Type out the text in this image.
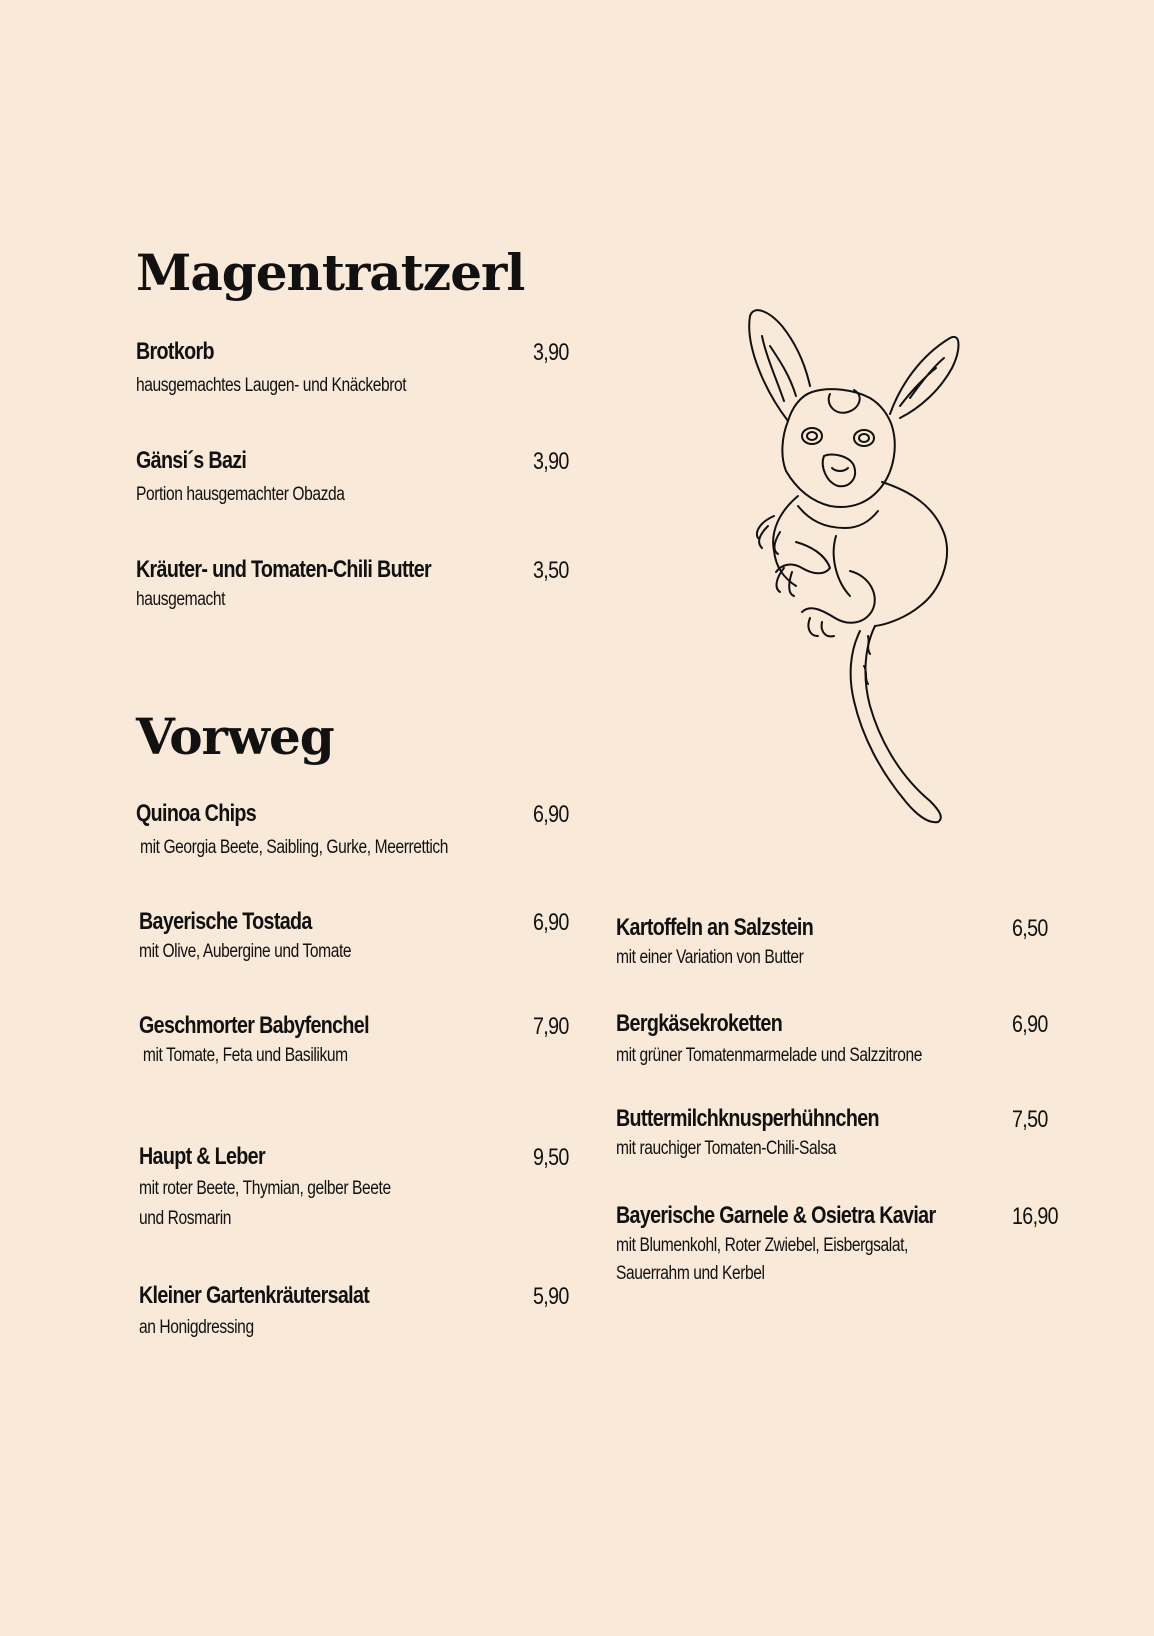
Magentratzerl
Brotkorb
hausgemachtes Laugen- und Knäckebrot
3,90
Gänsi´s Bazi
Portion hausgemachter Obazda
3,90
Kräuter- und Tomaten-Chili Butter
hausgemacht
3,50
Vorweg
Quinoa Chips
mit Georgia Beete, Saibling, Gurke, Meerrettich
6,90
Bayerische Tostada
mit Olive, Aubergine und Tomate
6,90
Geschmorter Babyfenchel
mit Tomate, Feta und Basilikum
7,90
Haupt & Leber
mit roter Beete, Thymian, gelber Beete
und Rosmarin
9,50
Kleiner Gartenkräutersalat
an Honigdressing
5,90
Kartoffeln an Salzstein
mit einer Variation von Butter
6,50
Bergkäsekroketten
mit grüner Tomatenmarmelade und Salzzitrone
6,90
Buttermilchknusperhühnchen
mit rauchiger Tomaten-Chili-Salsa
7,50
Bayerische Garnele & Osietra Kaviar
mit Blumenkohl, Roter Zwiebel, Eisbergsalat,
Sauerrahm und Kerbel
16,90
